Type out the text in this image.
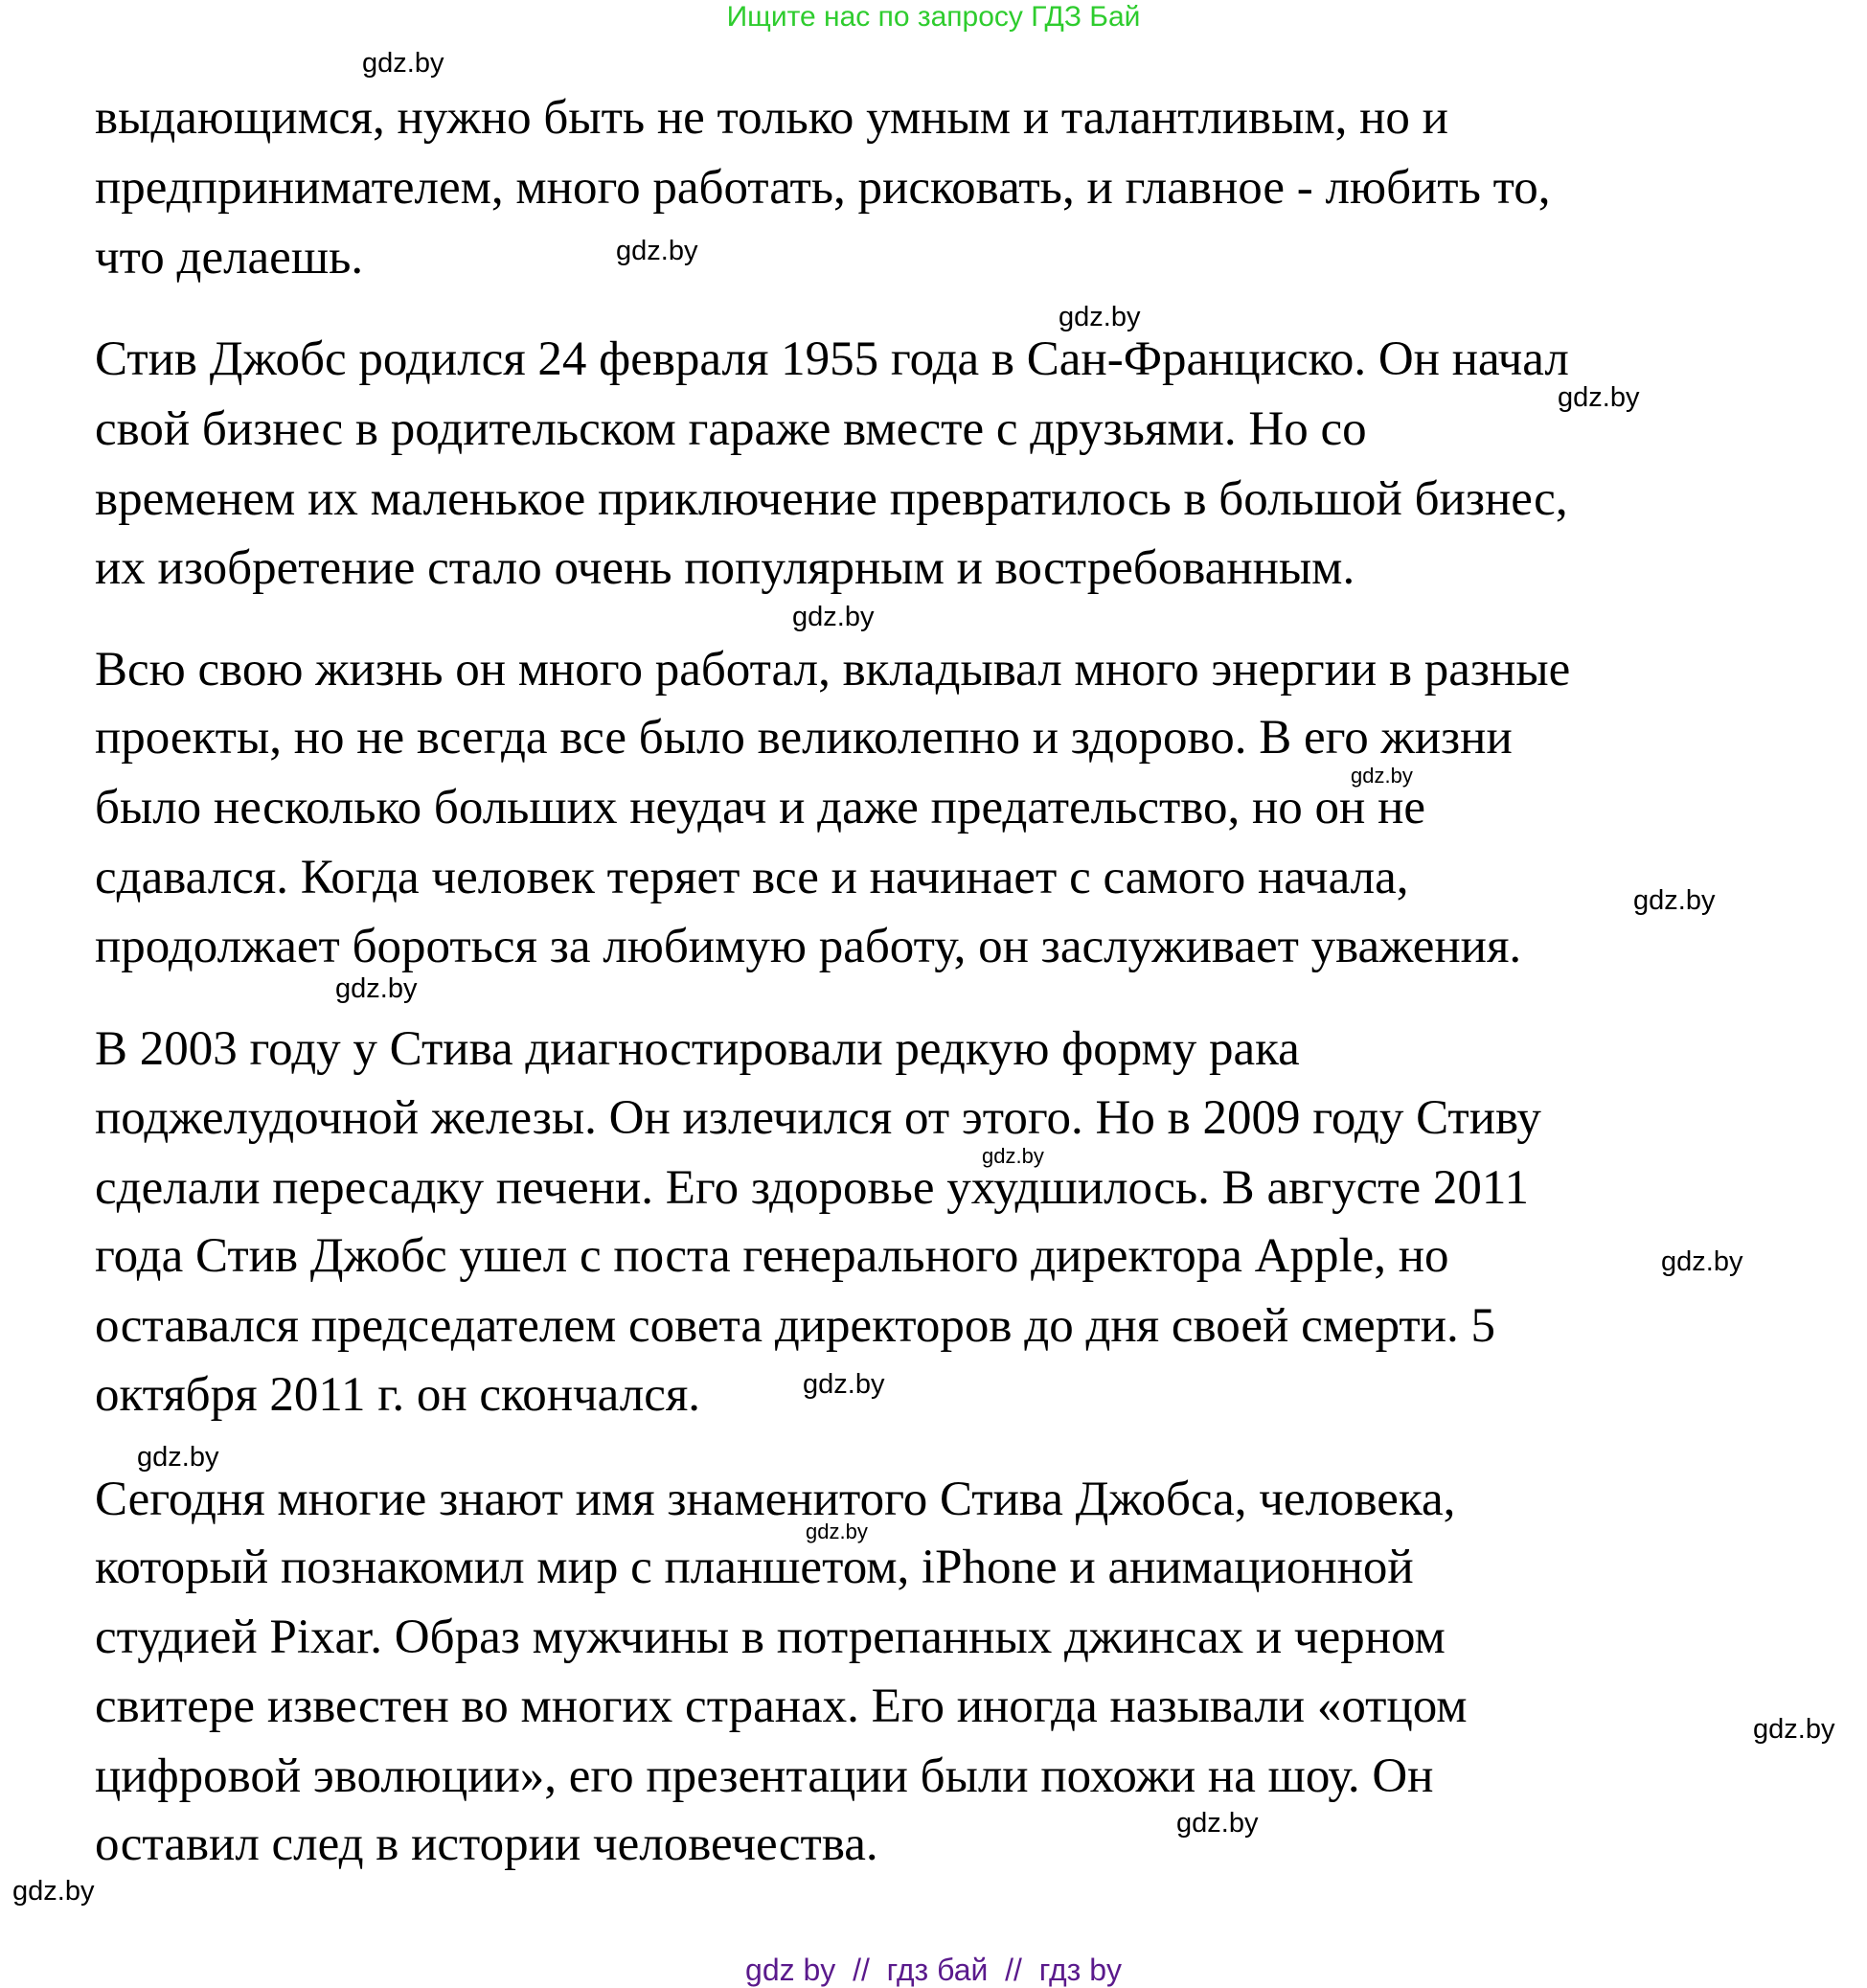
Ищите нас по запросу ГДЗ Бай
выдающимся, нужно быть не только умным и талантливым, но и
предпринимателем, много работать, рисковать, и главное - любить то,
что делаешь.
Стив Джобс родился 24 февраля 1955 года в Сан-Франциско. Он начал
свой бизнес в родительском гараже вместе с друзьями. Но со
временем их маленькое приключение превратилось в большой бизнес,
их изобретение стало очень популярным и востребованным.
Всю свою жизнь он много работал, вкладывал много энергии в разные
проекты, но не всегда все было великолепно и здорово. В его жизни
было несколько больших неудач и даже предательство, но он не
сдавался. Когда человек теряет все и начинает с самого начала,
продолжает бороться за любимую работу, он заслуживает уважения.
В 2003 году у Стива диагностировали редкую форму рака
поджелудочной железы. Он излечился от этого. Но в 2009 году Стиву
сделали пересадку печени. Его здоровье ухудшилось. В августе 2011
года Стив Джобс ушел с поста генерального директора Apple, но
оставался председателем совета директоров до дня своей смерти. 5
октября 2011 г. он скончался.
Сегодня многие знают имя знаменитого Стива Джобса, человека,
который познакомил мир с планшетом, iPhone и анимационной
студией Pixar. Образ мужчины в потрепанных джинсах и черном
свитере известен во многих странах. Его иногда называли «отцом
цифровой эволюции», его презентации были похожи на шоу. Он
оставил след в истории человечества.
gdz.by
gdz.by
gdz.by
gdz.by
gdz.by
gdz.by
gdz.by
gdz.by
gdz.by
gdz.by
gdz.by
gdz.by
gdz.by
gdz.by
gdz.by
gdz.by
gdz by  //  гдз бай  //  гдз by
